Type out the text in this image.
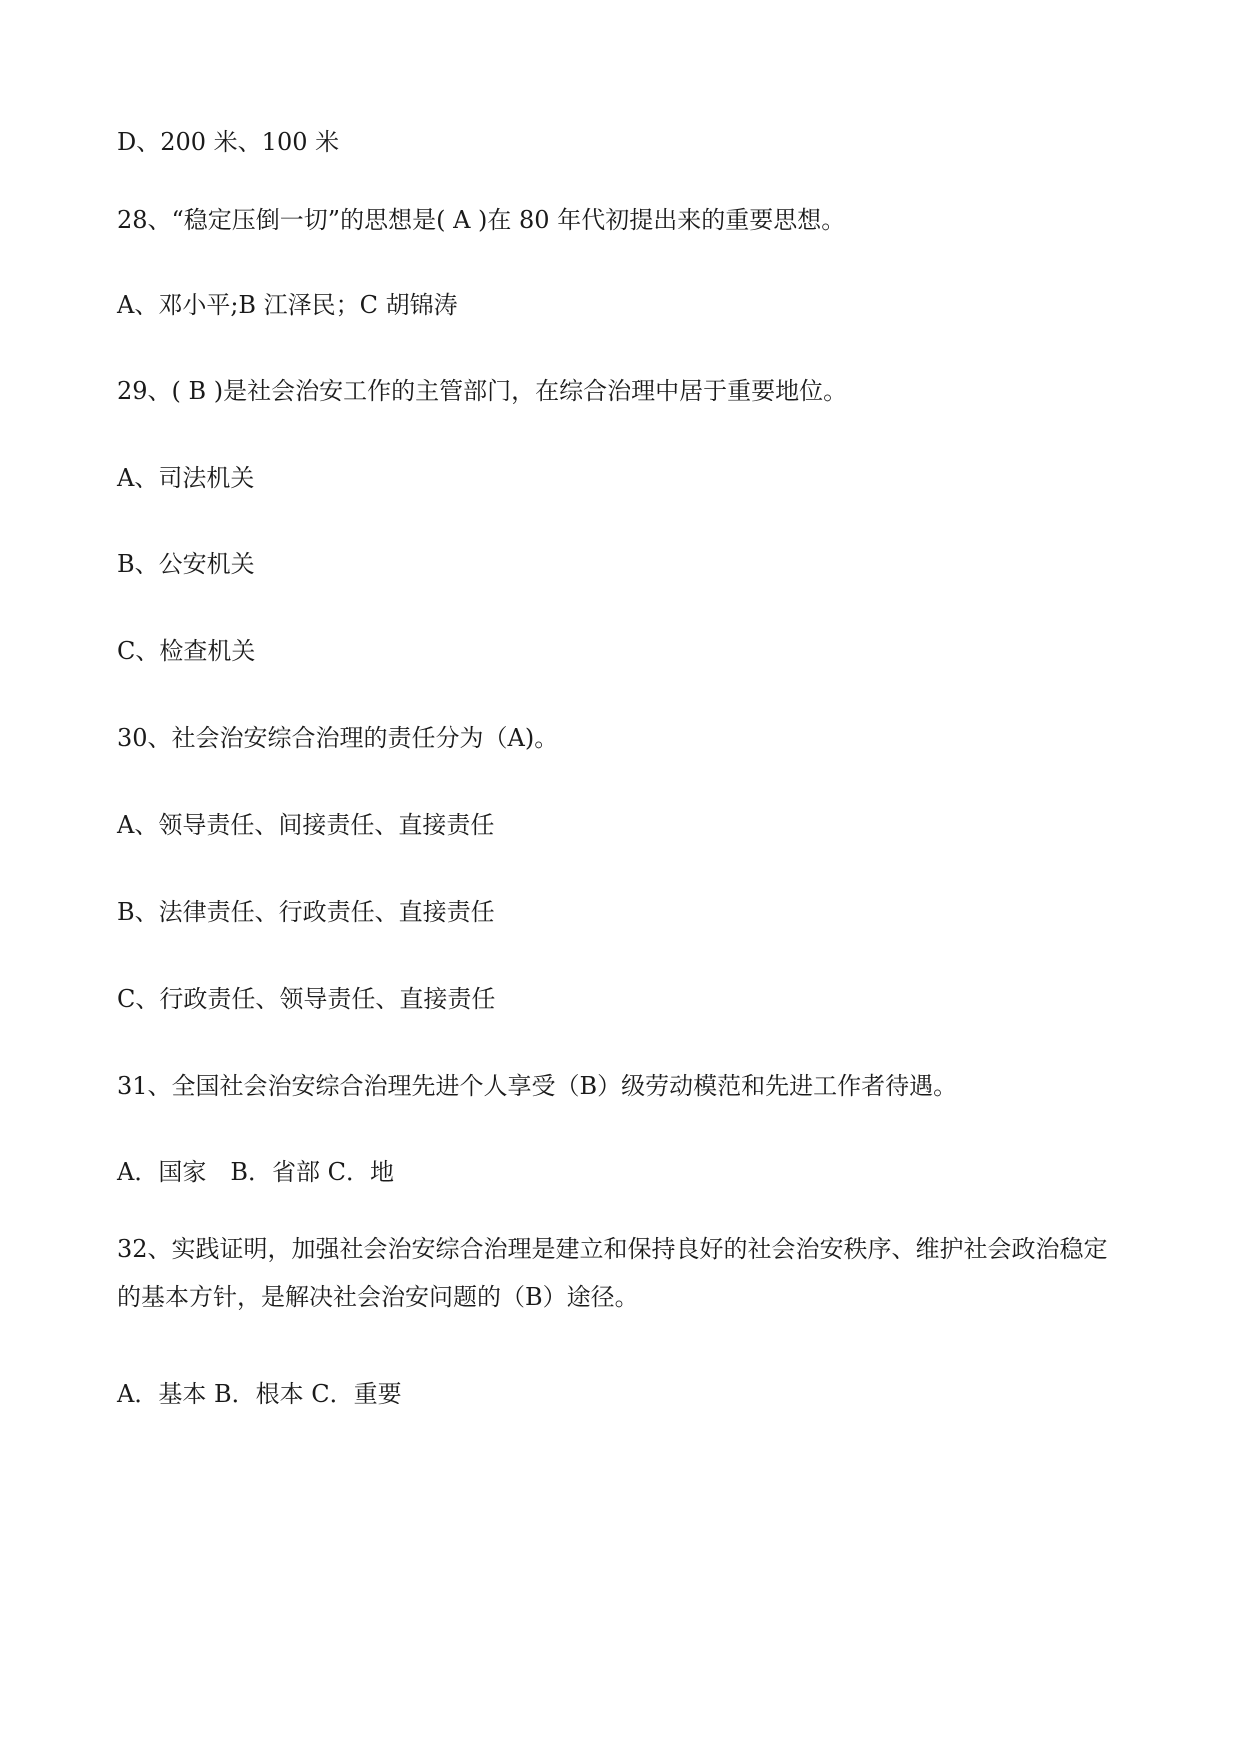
D、200 米、100 米
28、“稳定压倒一切”的思想是( A )在 80 年代初提出来的重要思想。
A、邓小平;B 江泽民；C 胡锦涛
29、( B )是社会治安工作的主管部门，在综合治理中居于重要地位。
A、司法机关
B、公安机关
C、检查机关
30、社会治安综合治理的责任分为（A)。
A、领导责任、间接责任、直接责任
B、法律责任、行政责任、直接责任
C、行政责任、领导责任、直接责任
31、全国社会治安综合治理先进个人享受（B）级劳动模范和先进工作者待遇。
A．国家　B．省部 C．地
32、实践证明，加强社会治安综合治理是建立和保持良好的社会治安秩序、维护社会政治稳定的基本方针，是解决社会治安问题的（B）途径。
A．基本 B．根本 C．重要
